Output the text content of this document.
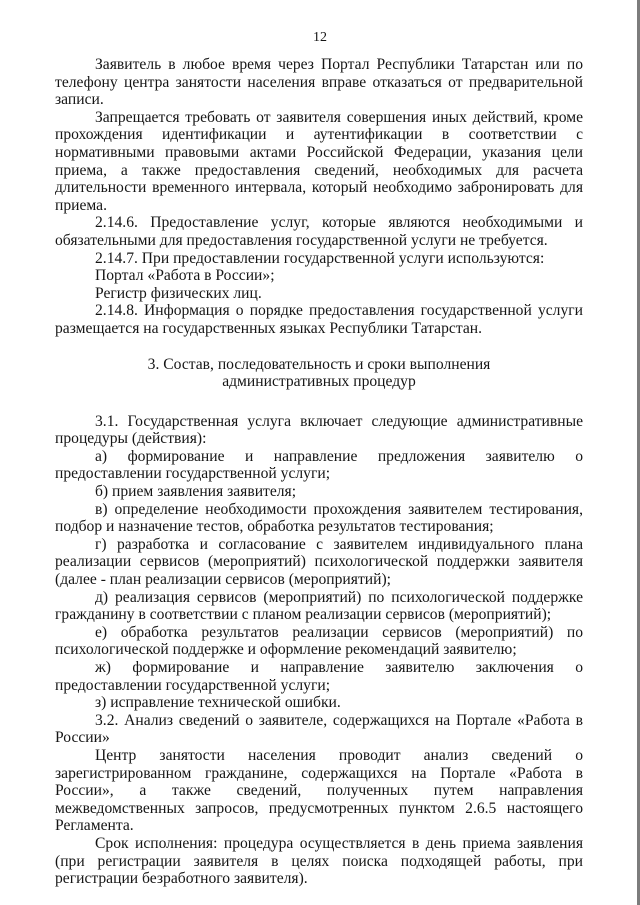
12

Заявитель в любое время через Портал Республики Татарстан или по телефону центра занятости населения вправе отказаться от предварительной записи.

Запрещается требовать от заявителя совершения иных действий, кроме прохождения идентификации и аутентификации в соответствии с нормативными правовыми актами Российской Федерации, указания цели приема, а также предоставления сведений, необходимых для расчета длительности временного интервала, который необходимо забронировать для приема.

2.14.6. Предоставление услуг, которые являются необходимыми и обязательными для предоставления государственной услуги не требуется.

2.14.7. При предоставлении государственной услуги используются:

Портал «Работа в России»;

Регистр физических лиц.

2.14.8. Информация о порядке предоставления государственной услуги размещается на государственных языках Республики Татарстан.

3. Состав, последовательность и сроки выполнения административных процедур

3.1. Государственная услуга включает следующие административные процедуры (действия):

а) формирование и направление предложения заявителю о предоставлении государственной услуги;

б) прием заявления заявителя;

в) определение необходимости прохождения заявителем тестирования, подбор и назначение тестов, обработка результатов тестирования;

г) разработка и согласование с заявителем индивидуального плана реализации сервисов (мероприятий) психологической поддержки заявителя (далее - план реализации сервисов (мероприятий);

д) реализация сервисов (мероприятий) по психологической поддержке гражданину в соответствии с планом реализации сервисов (мероприятий);

е) обработка результатов реализации сервисов (мероприятий) по психологической поддержке и оформление рекомендаций заявителю;

ж) формирование и направление заявителю заключения о предоставлении государственной услуги;

з) исправление технической ошибки.

3.2. Анализ сведений о заявителе, содержащихся на Портале «Работа в России»

Центр занятости населения проводит анализ сведений о зарегистрированном гражданине, содержащихся на Портале «Работа в России», а также сведений, полученных путем направления межведомственных запросов, предусмотренных пунктом 2.6.5 настоящего Регламента.

Срок исполнения: процедура осуществляется в день приема заявления (при регистрации заявителя в целях поиска подходящей работы, при регистрации безработного заявителя).
